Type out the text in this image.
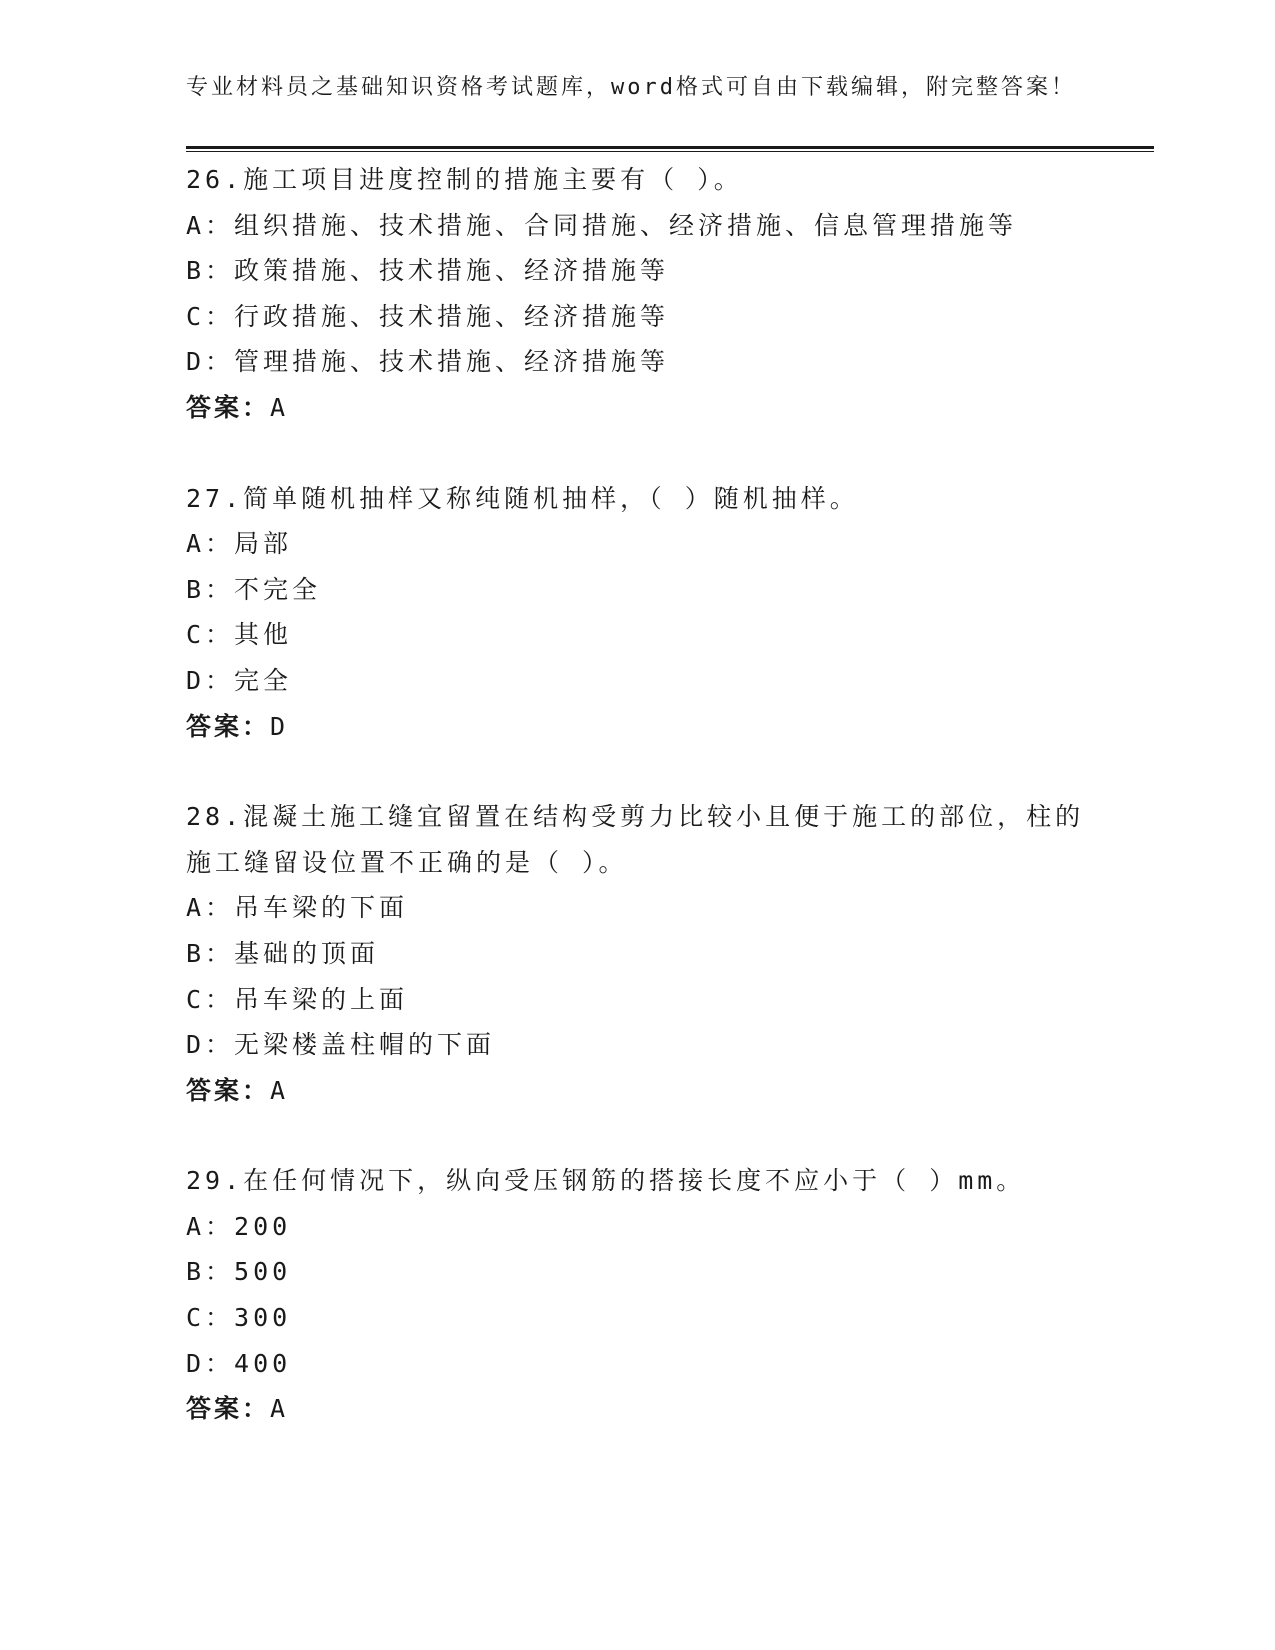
专业材料员之基础知识资格考试题库，word格式可自由下载编辑，附完整答案！
26.施工项目进度控制的措施主要有（ ）。
A：组织措施、技术措施、合同措施、经济措施、信息管理措施等
B：政策措施、技术措施、经济措施等
C：行政措施、技术措施、经济措施等
D：管理措施、技术措施、经济措施等
答案：A
27.简单随机抽样又称纯随机抽样，（ ）随机抽样。
A：局部
B：不完全
C：其他
D：完全
答案：D
28.混凝土施工缝宜留置在结构受剪力比较小且便于施工的部位，柱的
施工缝留设位置不正确的是（ ）。
A：吊车梁的下面
B：基础的顶面
C：吊车梁的上面
D：无梁楼盖柱帽的下面
答案：A
29.在任何情况下，纵向受压钢筋的搭接长度不应小于（ ）mm。
A：200
B：500
C：300
D：400
答案：A
